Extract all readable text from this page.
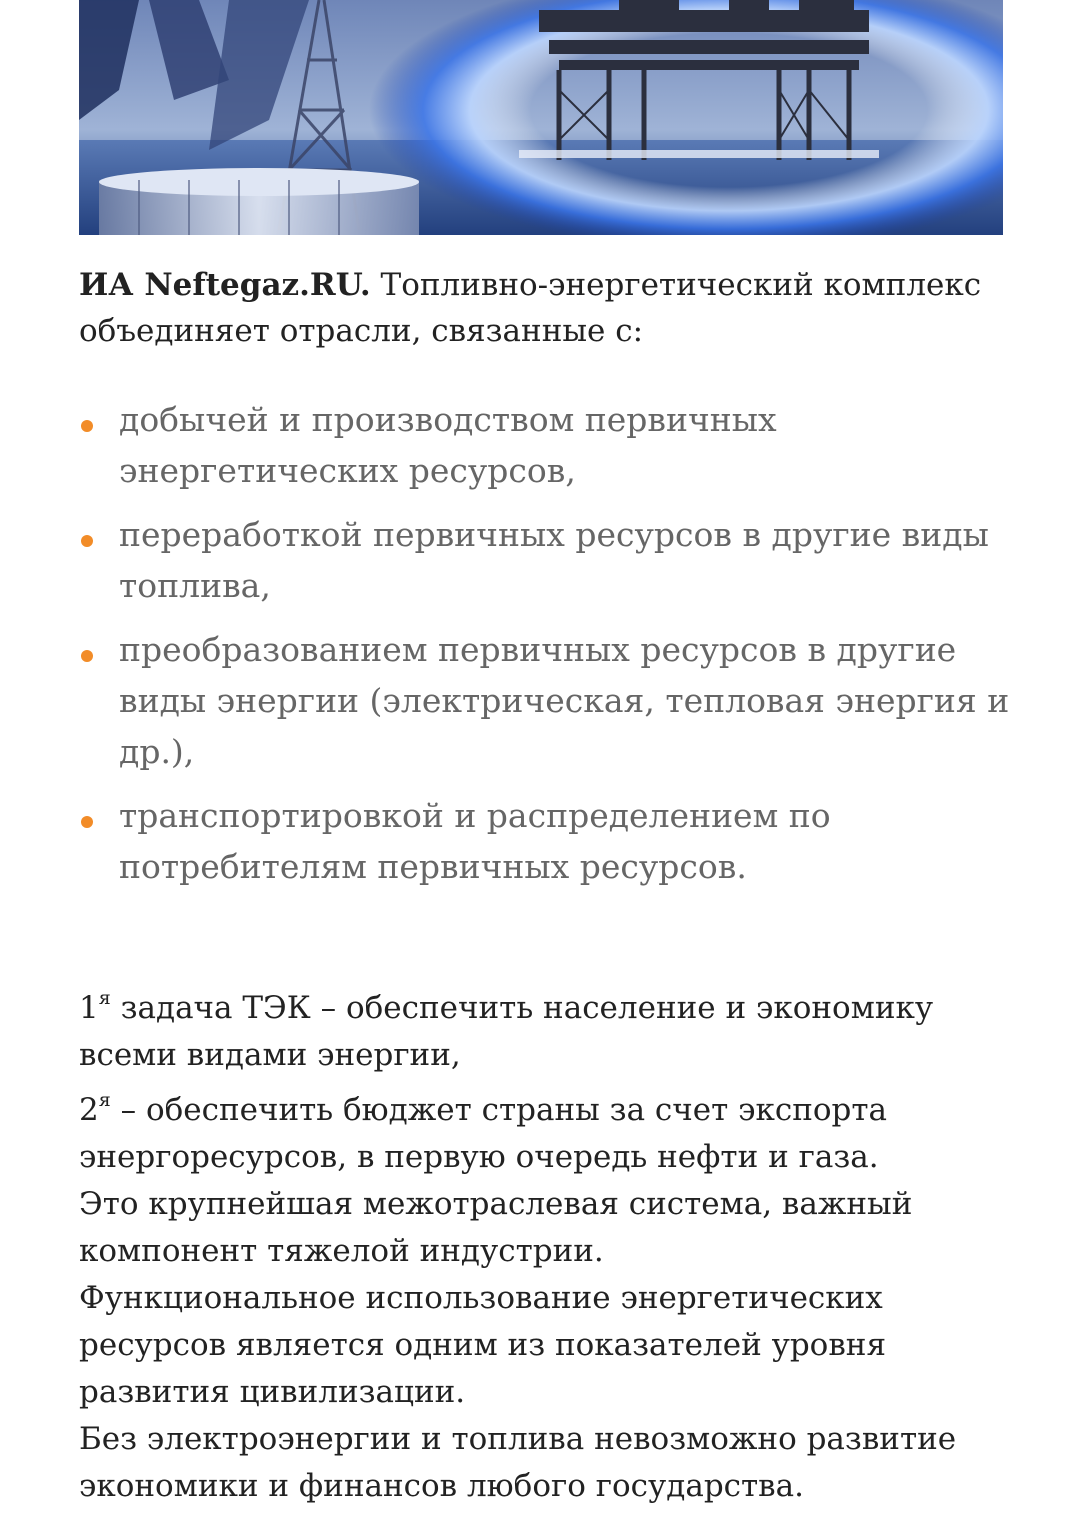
ИА Neftegaz.RU. Топливно-энергетический комплекс объединяет отрасли, связанные с:

добычей и производством первичных энергетических ресурсов,
переработкой первичных ресурсов в другие виды топлива,
преобразованием первичных ресурсов в другие виды энергии (электрическая, тепловая энергия и др.),
транспортировкой и распределением по потребителям первичных ресурсов.

$1^я$ задача ТЭК – обеспечить население и экономику всеми видами энергии,

$2^я$ – обеспечить бюджет страны за счет экспорта энергоресурсов, в первую очередь нефти и газа.

Это крупнейшая межотраслевая система, важный компонент тяжелой индустрии.

Функциональное использование энергетических ресурсов является одним из показателей уровня развития цивилизации.

Без электроэнергии и топлива невозможно развитие экономики и финансов любого государства.
